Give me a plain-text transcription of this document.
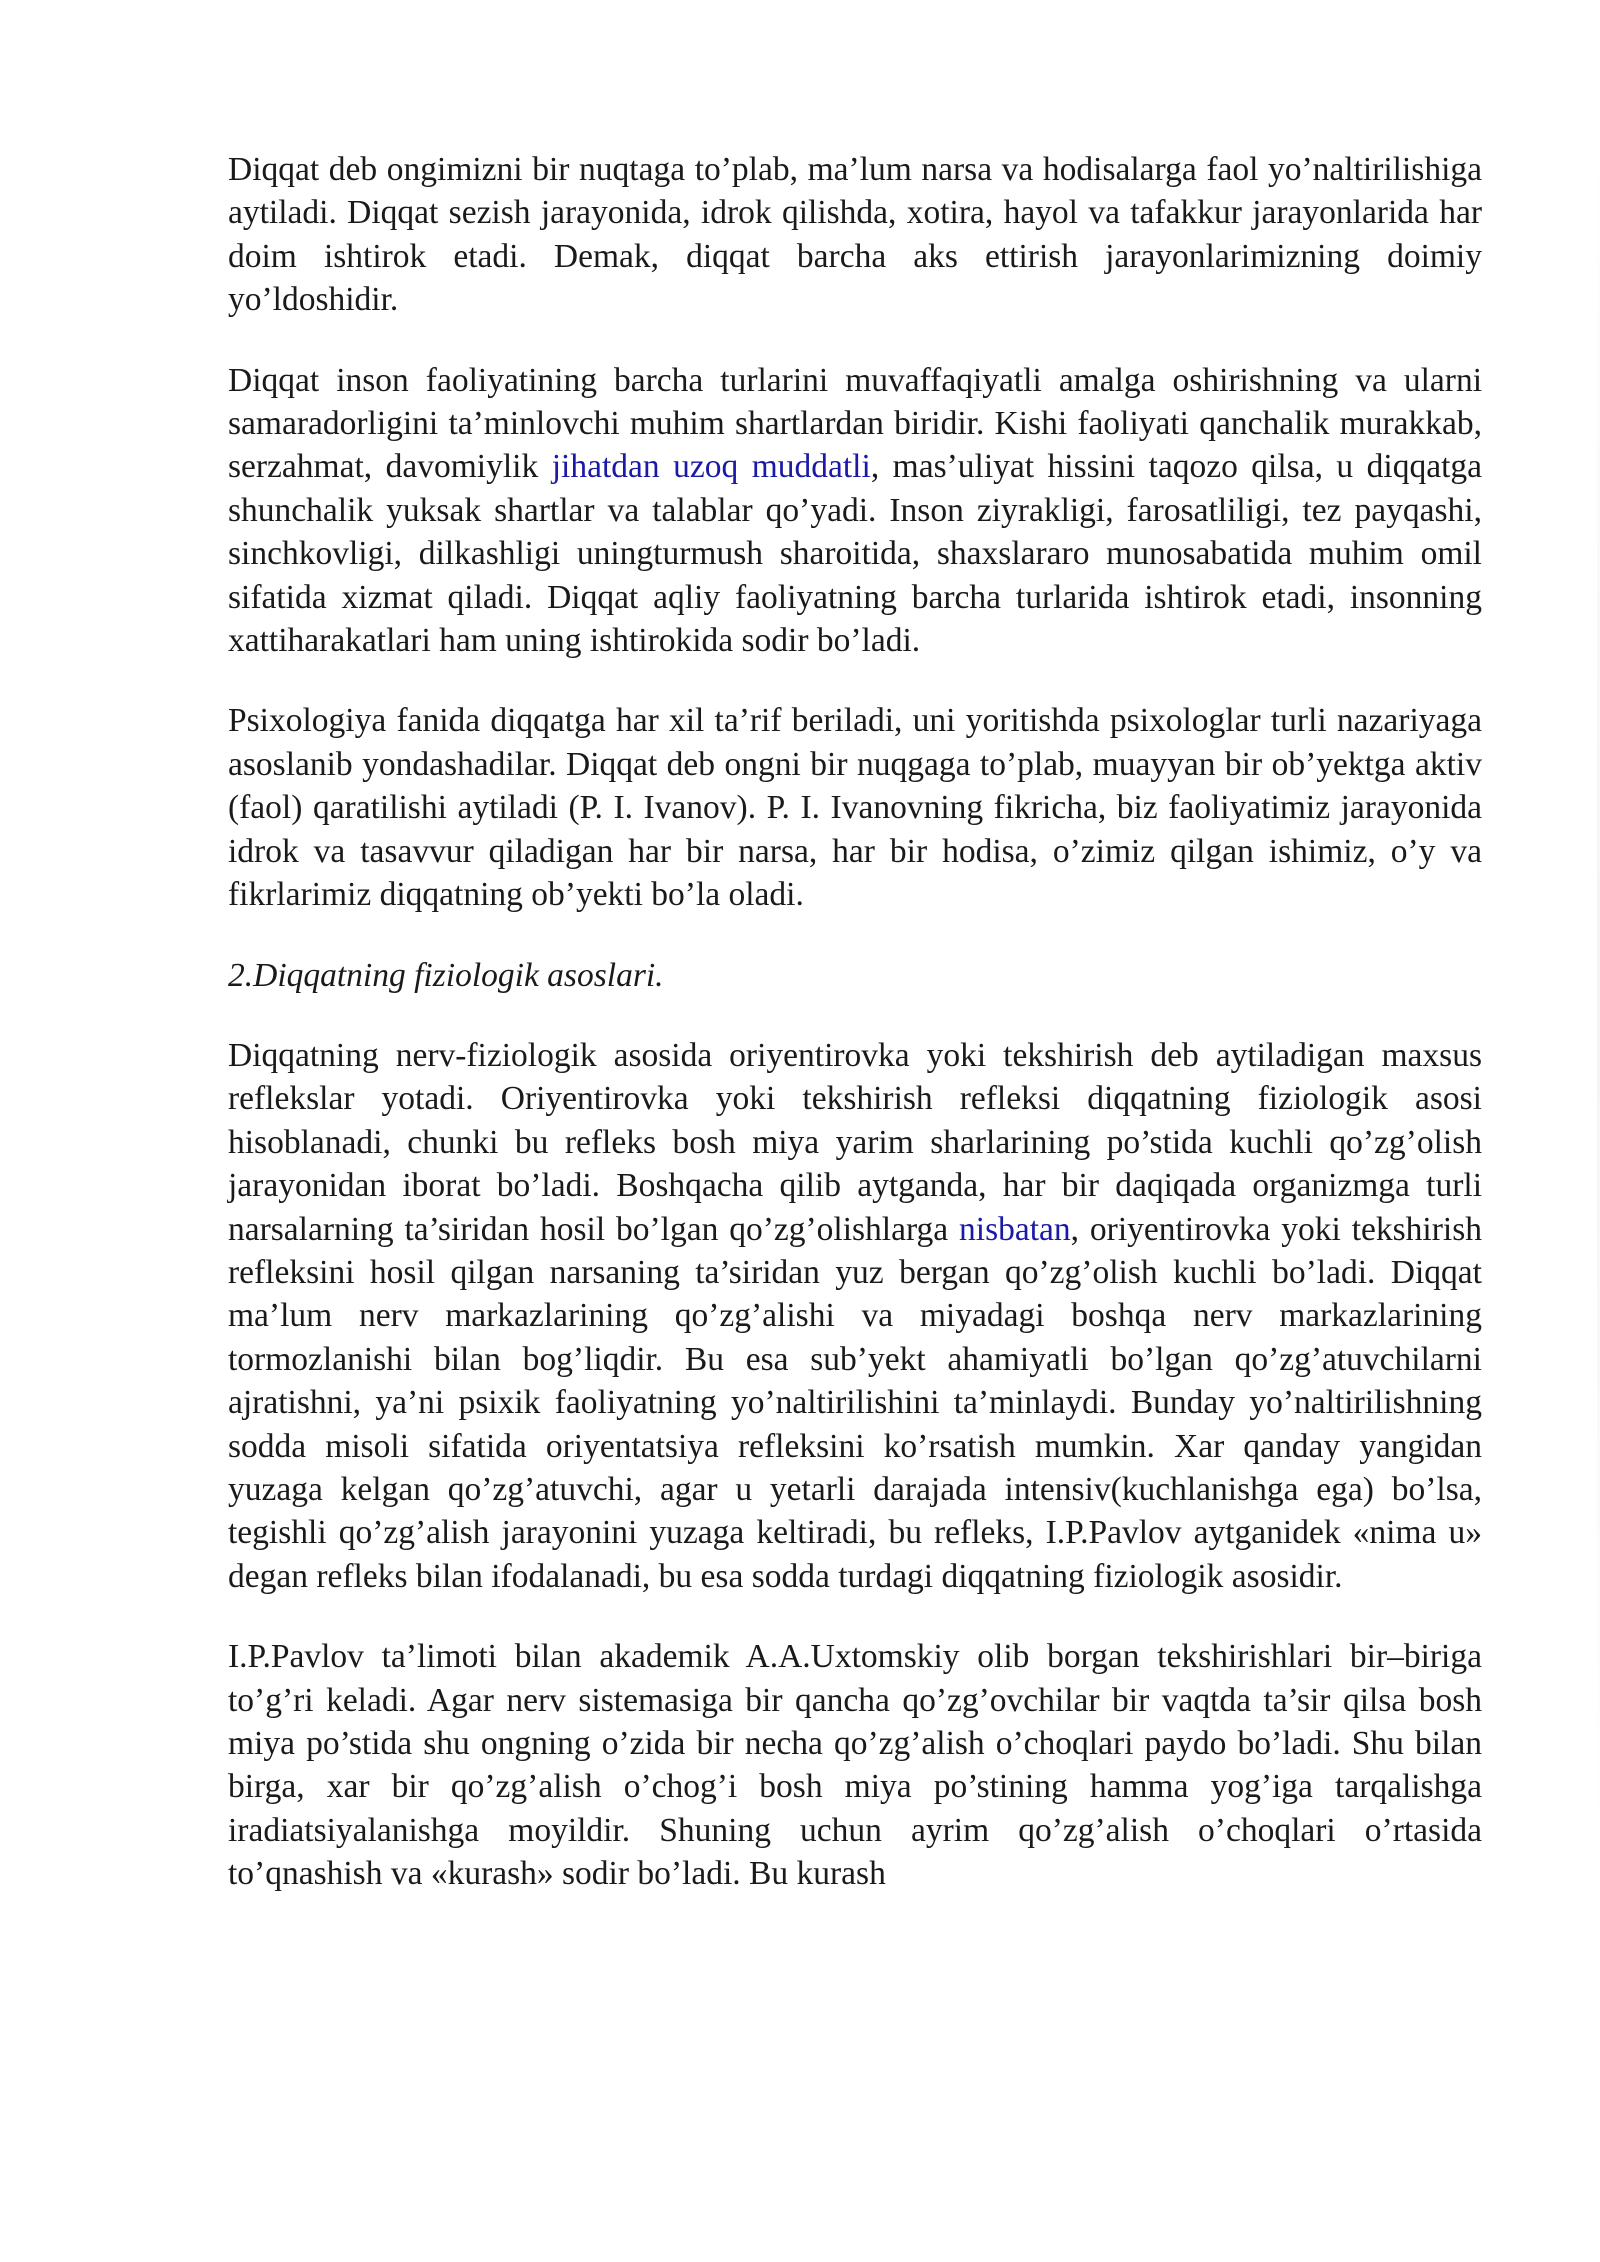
Diqqat deb ongimizni bir nuqtaga to’plab, ma’lum narsa va hodisalarga faol yo’naltirilishiga aytiladi. Diqqat sezish jarayonida, idrok qilishda, xotira, hayol va tafakkur jarayonlarida har doim ishtirok etadi. Demak, diqqat barcha aks ettirish jarayonlarimizning doimiy yo’ldoshidir.

Diqqat inson faoliyatining barcha turlarini muvaffaqiyatli amalga oshirishning va ularni samaradorligini ta’minlovchi muhim shartlardan biridir. Kishi faoliyati qanchalik murakkab, serzahmat, davomiylik jihatdan uzoq muddatli, mas’uliyat hissini taqozo qilsa, u diqqatga shunchalik yuksak shartlar va talablar qo’yadi. Inson ziyrakligi, farosatliligi, tez payqashi, sinchkovligi, dilkashligi uningturmush sharoitida, shaxslararo munosabatida muhim omil sifatida xizmat qiladi. Diqqat aqliy faoliyatning barcha turlarida ishtirok etadi, insonning xattiharakatlari ham uning ishtirokida sodir bo’ladi.

Psixologiya fanida diqqatga har xil ta’rif beriladi, uni yoritishda psixologlar turli nazariyaga asoslanib yondashadilar. Diqqat deb ongni bir nuqgaga to’plab, muayyan bir ob’yektga aktiv (faol) qaratilishi aytiladi (P. I. Ivanov). P. I. Ivanovning fikricha, biz faoliyatimiz jarayonida idrok va tasavvur qiladigan har bir narsa, har bir hodisa, o’zimiz qilgan ishimiz, o’y va fikrlarimiz diqqatning ob’yekti bo’la oladi.

2.Diqqatning fiziologik asoslari.

Diqqatning nerv-fiziologik asosida oriyentirovka yoki tekshirish deb aytiladigan maxsus reflekslar yotadi. Oriyentirovka yoki tekshirish refleksi diqqatning fiziologik asosi hisoblanadi, chunki bu refleks bosh miya yarim sharlarining po’stida kuchli qo’zg’olish jarayonidan iborat bo’ladi. Boshqacha qilib aytganda, har bir daqiqada organizmga turli narsalarning ta’siridan hosil bo’lgan qo’zg’olishlarga nisbatan, oriyentirovka yoki tekshirish refleksini hosil qilgan narsaning ta’siridan yuz bergan qo’zg’olish kuchli bo’ladi. Diqqat ma’lum nerv markazlarining qo’zg’alishi va miyadagi boshqa nerv markazlarining tormozlanishi bilan bog’liqdir. Bu esa sub’yekt ahamiyatli bo’lgan qo’zg’atuvchilarni ajratishni, ya’ni psixik faoliyatning yo’naltirilishini ta’minlaydi. Bunday yo’naltirilishning sodda misoli sifatida oriyentatsiya refleksini ko’rsatish mumkin. Xar qanday yangidan yuzaga kelgan qo’zg’atuvchi, agar u yetarli darajada intensiv(kuchlanishga ega) bo’lsa, tegishli qo’zg’alish jarayonini yuzaga keltiradi, bu refleks, I.P.Pavlov aytganidek «nima u» degan refleks bilan ifodalanadi, bu esa sodda turdagi diqqatning fiziologik asosidir.

I.P.Pavlov ta’limoti bilan akademik A.A.Uxtomskiy olib borgan tekshirishlari bir–biriga to’g’ri keladi. Agar nerv sistemasiga bir qancha qo’zg’ovchilar bir vaqtda ta’sir qilsa bosh miya po’stida shu ongning o’zida bir necha qo’zg’alish o’choqlari paydo bo’ladi. Shu bilan birga, xar bir qo’zg’alish o’chog’i bosh miya po’stining hamma yog’iga tarqalishga iradiatsiyalanishga moyildir. Shuning uchun ayrim qo’zg’alish o’choqlari o’rtasida to’qnashish va «kurash» sodir bo’ladi. Bu kurash
